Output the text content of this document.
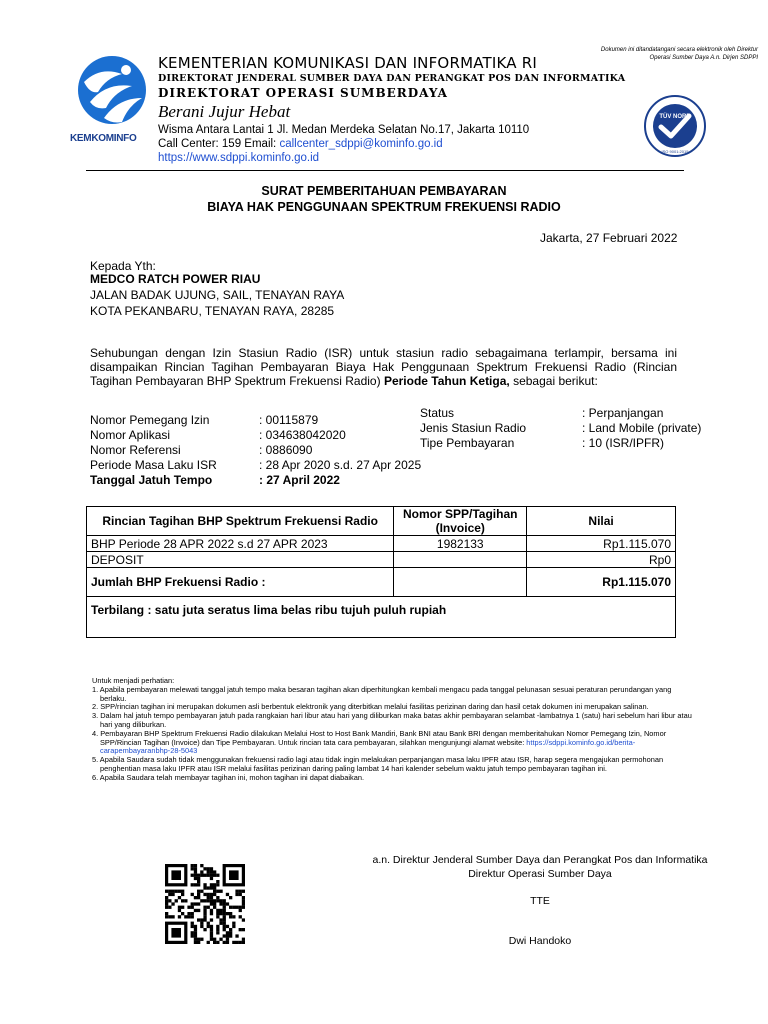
KEMKOMINFO
KEMENTERIAN KOMUNIKASI DAN INFORMATIKA RI
DIREKTORAT JENDERAL SUMBER DAYA DAN PERANGKAT POS DAN INFORMATIKA
DIREKTORAT OPERASI SUMBERDAYA
Berani Jujur Hebat
Wisma Antara Lantai 1 Jl. Medan Merdeka Selatan No.17, Jakarta 10110
Call Center: 159 Email: callcenter_sdppi@kominfo.go.id
https://www.sdppi.kominfo.go.id
Dokumen ini ditandatangani secara elektronik oleh Direktur Operasi Sumber Daya A.n. Dirjen SDPPI
TÜV NORD
ISO 9001:2015
SURAT PEMBERITAHUAN PEMBAYARAN
BIAYA HAK PENGGUNAAN SPEKTRUM FREKUENSI RADIO
Jakarta, 27 Februari 2022
Kepada Yth:
MEDCO RATCH POWER RIAU
JALAN BADAK UJUNG, SAIL, TENAYAN RAYA
KOTA PEKANBARU, TENAYAN RAYA, 28285
Sehubungan dengan Izin Stasiun Radio (ISR) untuk stasiun radio sebagaimana terlampir, bersama ini disampaikan Rincian Tagihan Pembayaran Biaya Hak Penggunaan Spektrum Frekuensi Radio (Rincian Tagihan Pembayaran BHP Spektrum Frekuensi Radio) Periode Tahun Ketiga, sebagai berikut:
Nomor Pemegang Izin	: 00115879
Nomor Aplikasi	: 034638042020
Nomor Referensi	: 0886090
Periode Masa Laku ISR	: 28 Apr 2020 s.d. 27 Apr 2025
Tanggal Jatuh Tempo	: 27 April 2022
Status	: Perpanjangan
Jenis Stasiun Radio	: Land Mobile (private)
Tipe Pembayaran	: 10 (ISR/IPFR)
Rincian Tagihan BHP Spektrum Frekuensi Radio	Nomor SPP/Tagihan (Invoice)	Nilai
BHP Periode 28 APR 2022 s.d 27 APR 2023	1982133	Rp1.115.070
DEPOSIT		Rp0
Jumlah BHP Frekuensi Radio :		Rp1.115.070
Terbilang : satu juta seratus lima belas ribu tujuh puluh rupiah		
Untuk menjadi perhatian:
1. Apabila pembayaran melewati tanggal jatuh tempo maka besaran tagihan akan diperhitungkan kembali mengacu pada tanggal pelunasan sesuai peraturan perundangan yang berlaku.
2. SPP/rincian tagihan ini merupakan dokumen asli berbentuk elektronik yang diterbitkan melalui fasilitas perizinan daring dan hasil cetak dokumen ini merupakan salinan.
3. Dalam hal jatuh tempo pembayaran jatuh pada rangkaian hari libur atau hari yang diliburkan maka batas akhir pembayaran selambat -lambatnya 1 (satu) hari sebelum hari libur atau hari yang diliburkan.
4. Pembayaran BHP Spektrum Frekuensi Radio dilakukan Melalui Host to Host Bank Mandiri, Bank BNI atau Bank BRI dengan memberitahukan Nomor Pemegang Izin, Nomor SPP/Rincian Tagihan (Invoice) dan Tipe Pembayaran. Untuk rincian tata cara pembayaran, silahkan mengunjungi alamat website: https://sdppi.kominfo.go.id/berita-carapembayaranbhp-28-5043
5. Apabila Saudara sudah tidak menggunakan frekuensi radio lagi atau tidak ingin melakukan perpanjangan masa laku IPFR atau ISR, harap segera mengajukan permohonan penghentian masa laku IPFR atau ISR melalui fasilitas perizinan daring paling lambat 14 hari kalender sebelum waktu jatuh tempo pembayaran tagihan ini.
6. Apabila Saudara telah membayar tagihan ini, mohon tagihan ini dapat diabaikan.
a.n. Direktur Jenderal Sumber Daya dan Perangkat Pos dan Informatika
Direktur Operasi Sumber Daya
TTE
Dwi Handoko
